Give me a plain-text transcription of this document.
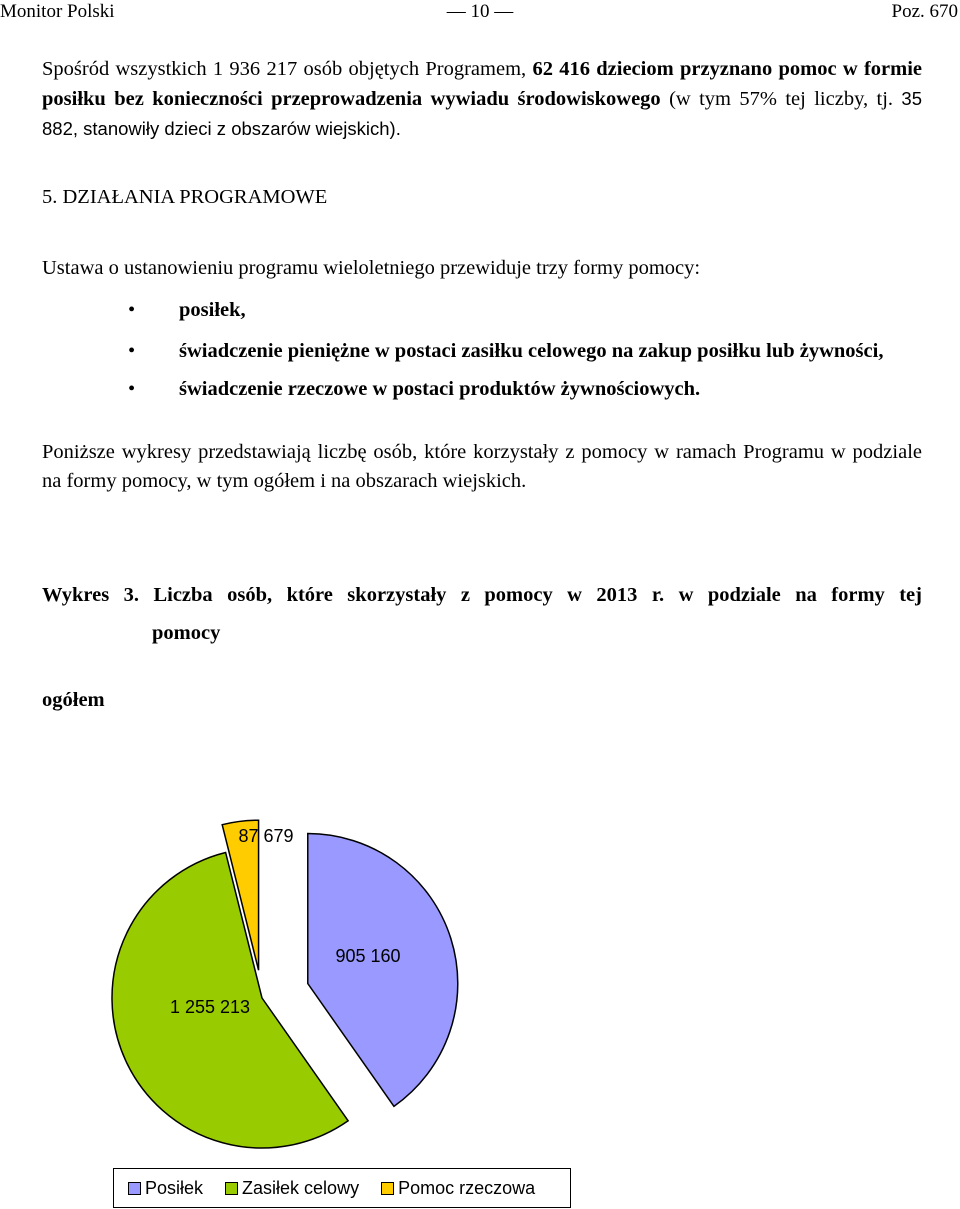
Monitor Polski	— 10 —	Poz. 670
Spośród wszystkich 1 936 217 osób objętych Programem, 62 416 dzieciom przyznano pomoc w formie posiłku bez konieczności przeprowadzenia wywiadu środowiskowego (w tym 57% tej liczby, tj. 35 882, stanowiły dzieci z obszarów wiejskich).
5. DZIAŁANIA PROGRAMOWE
Ustawa o ustanowieniu programu wieloletniego przewiduje trzy formy pomocy:
• posiłek,
• świadczenie pieniężne w postaci zasiłku celowego na zakup posiłku lub żywności,
• świadczenie rzeczowe w postaci produktów żywnościowych.
Poniższe wykresy przedstawiają liczbę osób, które korzystały z pomocy w ramach Programu w podziale na formy pomocy, w tym ogółem i na obszarach wiejskich.
Wykres 3. Liczba osób, które skorzystały z pomocy w 2013 r. w podziale na formy tej
pomocy
ogółem
905 160
1 255 213
87 679
Posiłek Zasiłek celowy Pomoc rzeczowa
